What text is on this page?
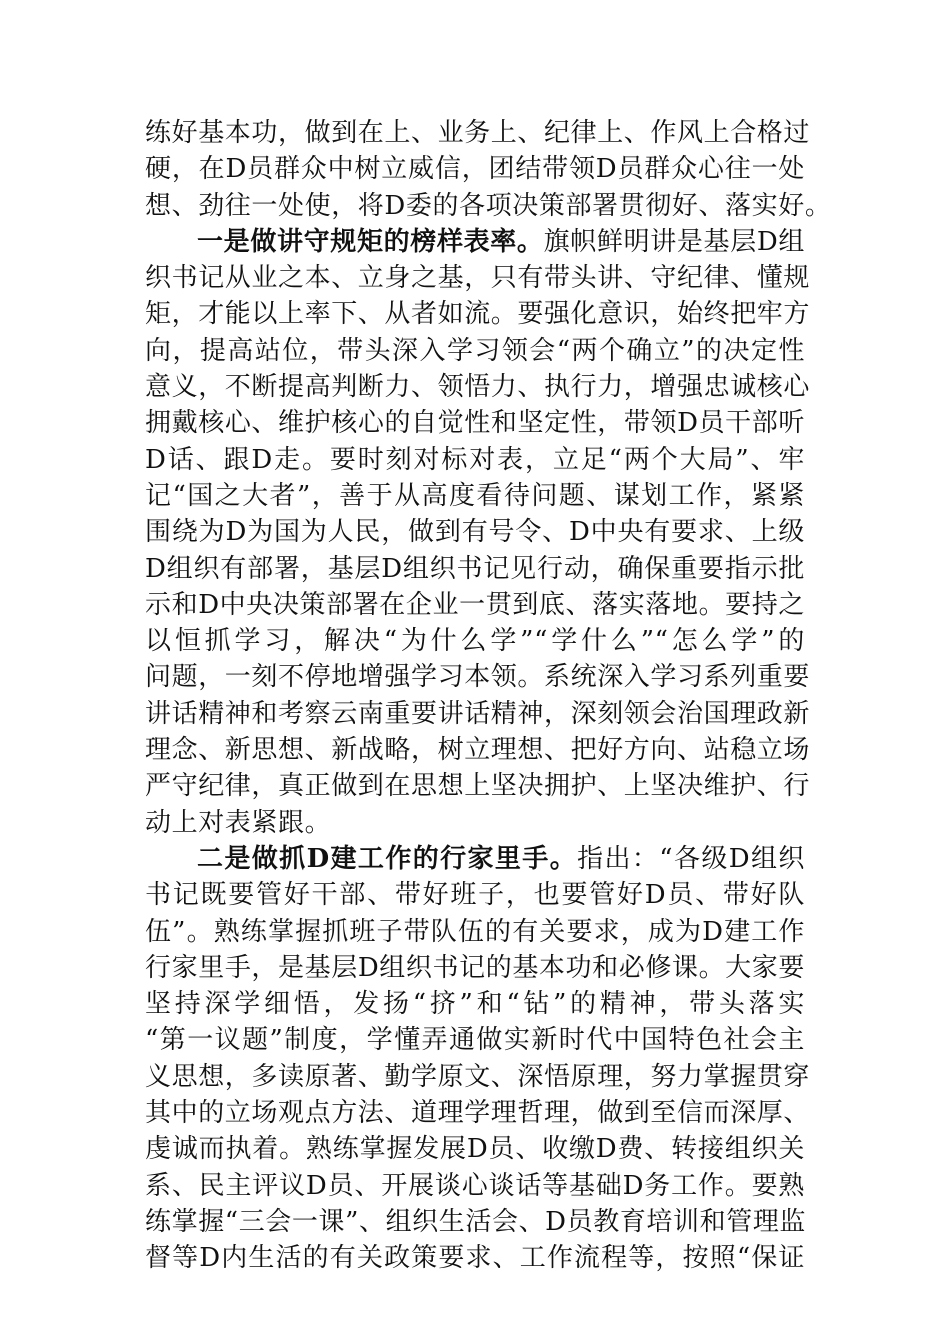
练好基本功，做到在上、业务上、纪律上、作风上合格过
硬，在D员群众中树立威信，团结带领D员群众心往一处
想、劲往一处使，将D委的各项决策部署贯彻好、落实好。
一是做讲守规矩的榜样表率。旗帜鲜明讲是基层D组
织书记从业之本、立身之基，只有带头讲、守纪律、懂规
矩，才能以上率下、从者如流。要强化意识，始终把牢方
向，提高站位，带头深入学习领会“两个确立”的决定性
意义，不断提高判断力、领悟力、执行力，增强忠诚核心
拥戴核心、维护核心的自觉性和坚定性，带领D员干部听
D话、跟D走。要时刻对标对表，立足“两个大局”、牢
记“国之大者”，善于从高度看待问题、谋划工作，紧紧
围绕为D为国为人民，做到有号令、D中央有要求、上级
D组织有部署，基层D组织书记见行动，确保重要指示批
示和D中央决策部署在企业一贯到底、落实落地。要持之
以恒抓学习，解决“为什么学”“学什么”“怎么学”的
问题，一刻不停地增强学习本领。系统深入学习系列重要
讲话精神和考察云南重要讲话精神，深刻领会治国理政新
理念、新思想、新战略，树立理想、把好方向、站稳立场
严守纪律，真正做到在思想上坚决拥护、上坚决维护、行
动上对表紧跟。
二是做抓D建工作的行家里手。指出：“各级D组织
书记既要管好干部、带好班子，也要管好D员、带好队
伍”。熟练掌握抓班子带队伍的有关要求，成为D建工作
行家里手，是基层D组织书记的基本功和必修课。大家要
坚持深学细悟，发扬“挤”和“钻”的精神，带头落实
“第一议题”制度，学懂弄通做实新时代中国特色社会主
义思想，多读原著、勤学原文、深悟原理，努力掌握贯穿
其中的立场观点方法、道理学理哲理，做到至信而深厚、
虔诚而执着。熟练掌握发展D员、收缴D费、转接组织关
系、民主评议D员、开展谈心谈话等基础D务工作。要熟
练掌握“三会一课”、组织生活会、D员教育培训和管理监
督等D内生活的有关政策要求、工作流程等，按照“保证
